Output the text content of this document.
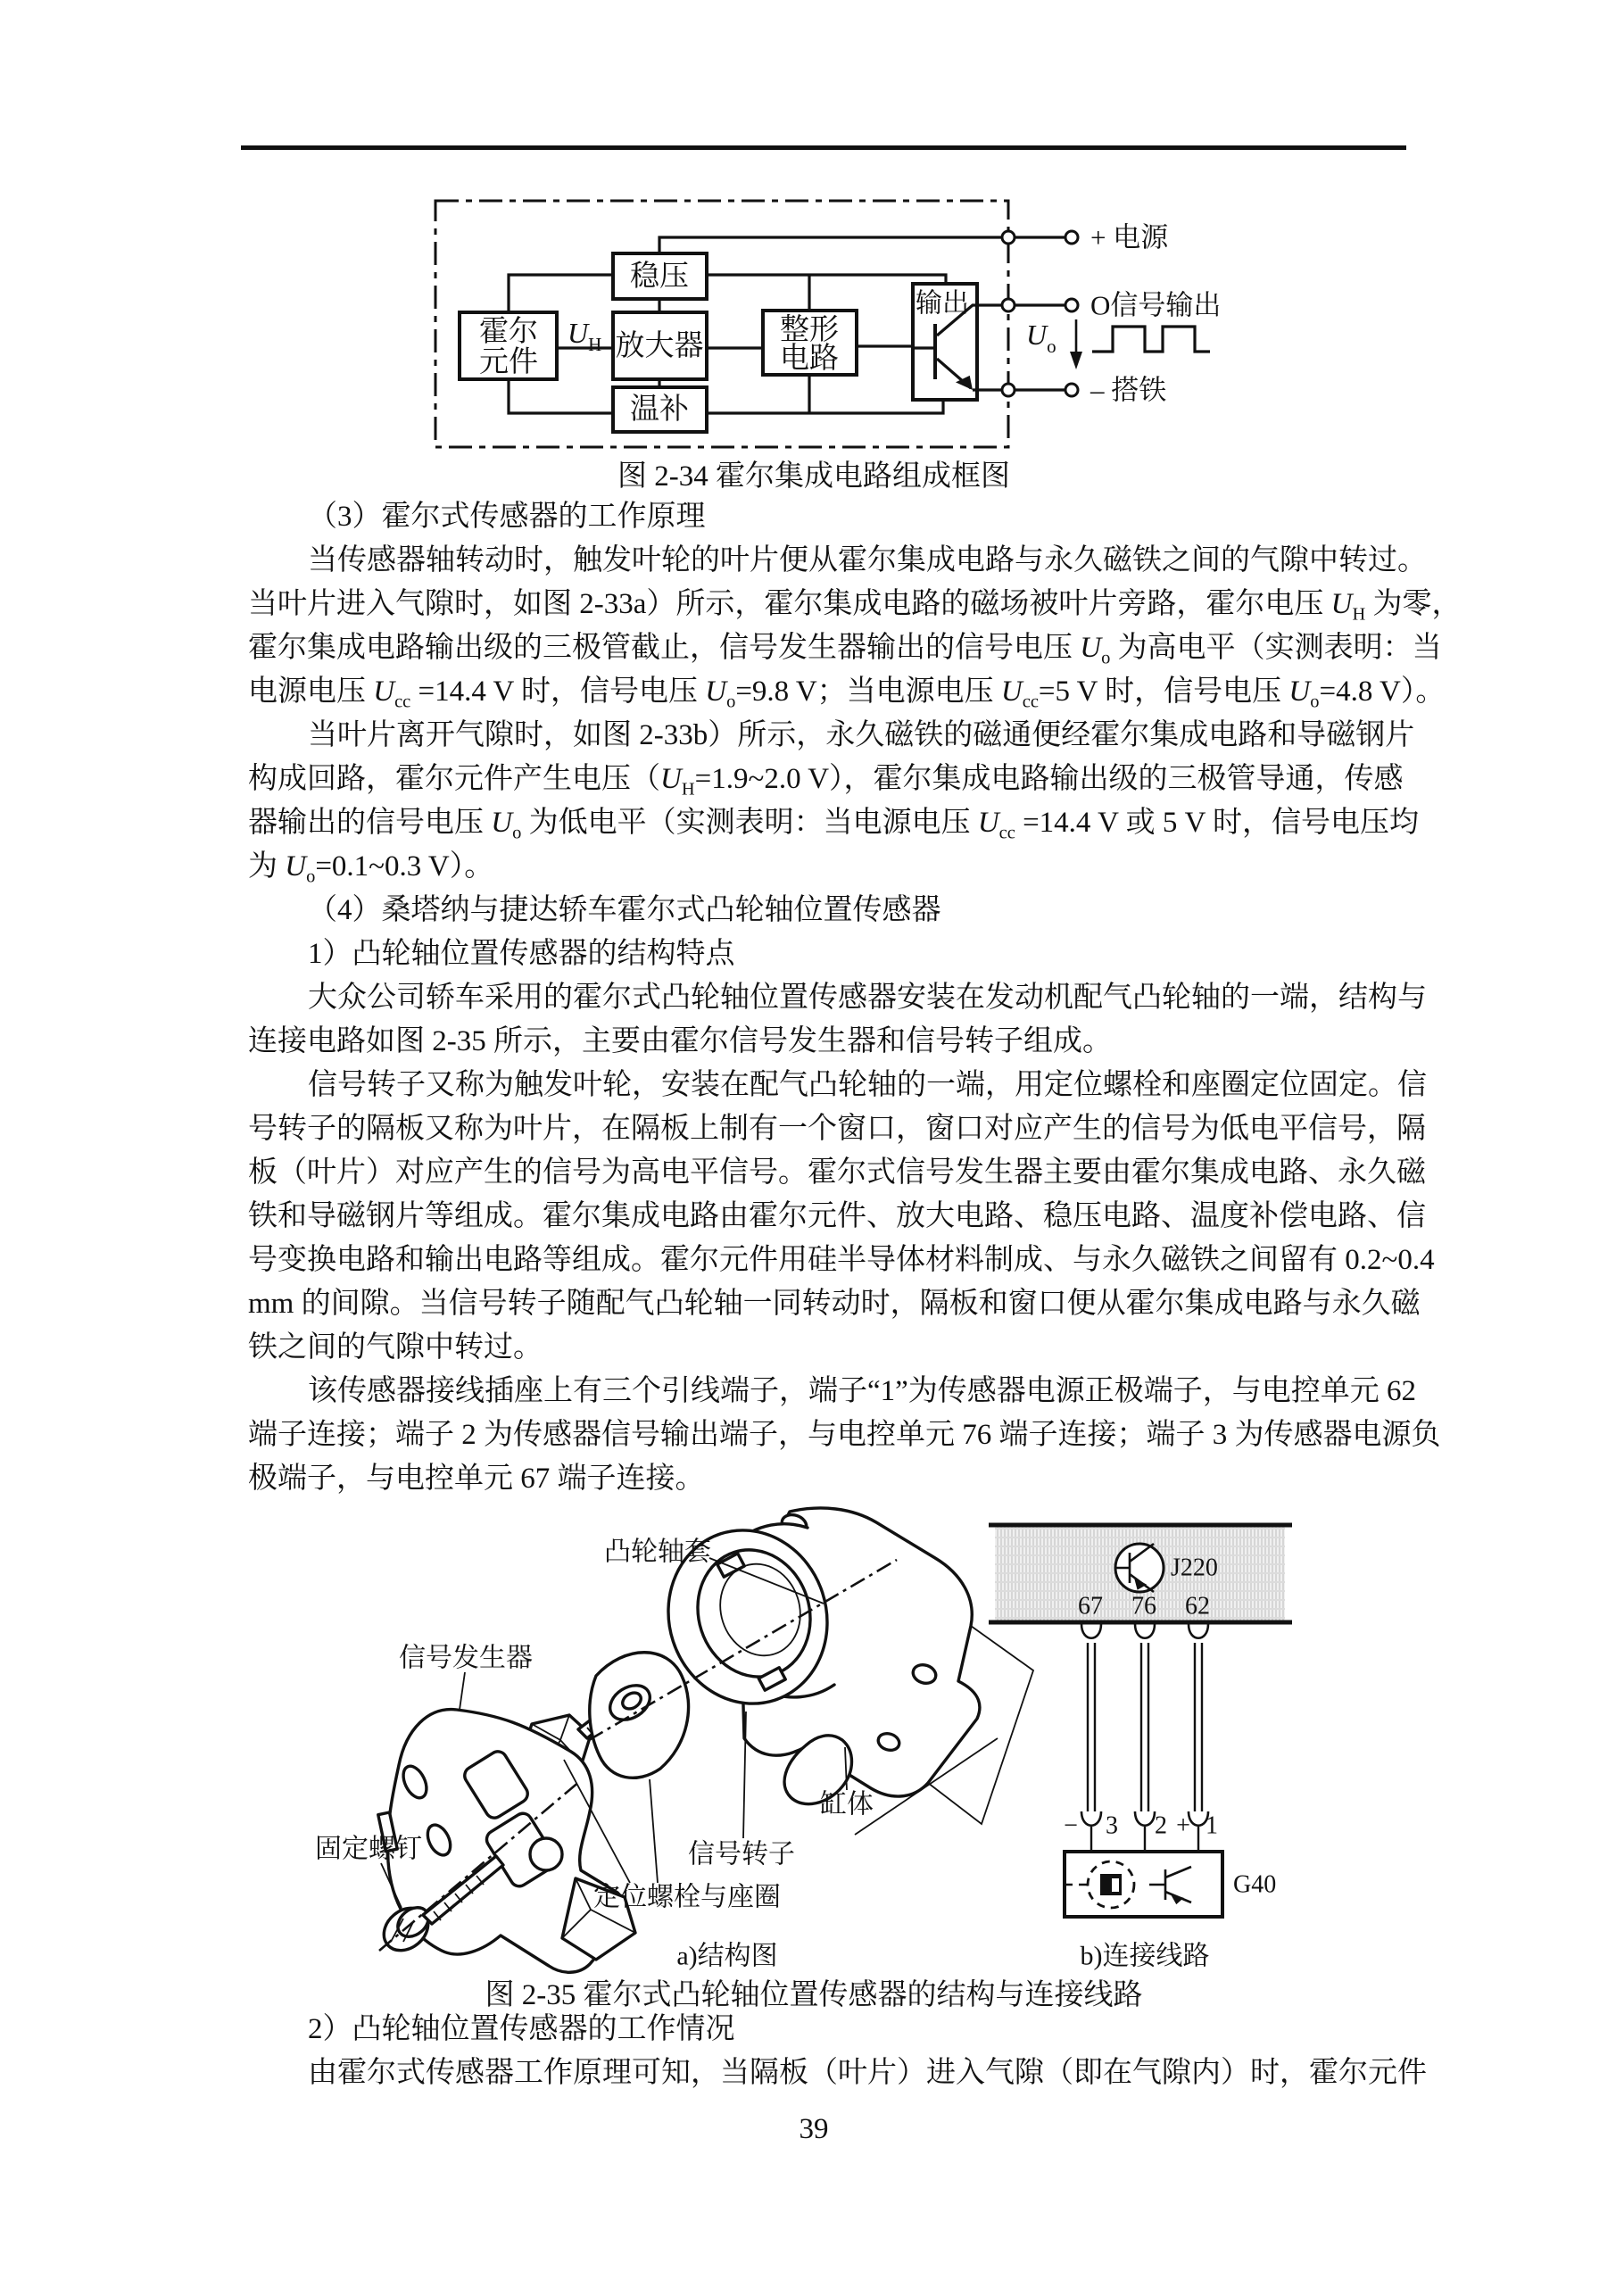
稳压
霍尔
元件	放大器
温补
整形
电路
输出
+ 电源
O信号输出
– 搭铁
$U_H$	$U_o$
图 2-34 霍尔集成电路组成框图
（3）霍尔式传感器的工作原理
当传感器轴转动时，触发叶轮的叶片便从霍尔集成电路与永久磁铁之间的气隙中转过。
当叶片进入气隙时，如图 2-33a）所示，霍尔集成电路的磁场被叶片旁路，霍尔电压 $U_H$ 为零，
霍尔集成电路输出级的三极管截止，信号发生器输出的信号电压 $U_o$ 为高电平（实测表明：当
电源电压 $U_{cc} =14.4$ V 时，信号电压 $U_o=9.8$ V；当电源电压 $U_{cc}=5$ V 时，信号电压 $U_o=4.8$ V）。
当叶片离开气隙时，如图 2-33b）所示，永久磁铁的磁通便经霍尔集成电路和导磁钢片
构成回路，霍尔元件产生电压（$U_H=1.9\sim 2.0$ V），霍尔集成电路输出级的三极管导通，传感
器输出的信号电压 $U_o$ 为低电平（实测表明：当电源电压 $U_{cc} =14.4$ V 或 5 V 时，信号电压均
为 $U_o=0.1\sim 0.3$ V）。
（4）桑塔纳与捷达轿车霍尔式凸轮轴位置传感器
1）凸轮轴位置传感器的结构特点
大众公司轿车采用的霍尔式凸轮轴位置传感器安装在发动机配气凸轮轴的一端，结构与
连接电路如图 2-35 所示，主要由霍尔信号发生器和信号转子组成。
信号转子又称为触发叶轮，安装在配气凸轮轴的一端，用定位螺栓和座圈定位固定。信
号转子的隔板又称为叶片，在隔板上制有一个窗口，窗口对应产生的信号为低电平信号，隔
板（叶片）对应产生的信号为高电平信号。霍尔式信号发生器主要由霍尔集成电路、永久磁
铁和导磁钢片等组成。霍尔集成电路由霍尔元件、放大电路、稳压电路、温度补偿电路、信
号变换电路和输出电路等组成。霍尔元件用硅半导体材料制成、与永久磁铁之间留有 0.2~0.4
mm 的间隙。当信号转子随配气凸轮轴一同转动时，隔板和窗口便从霍尔集成电路与永久磁
铁之间的气隙中转过。
该传感器接线插座上有三个引线端子，端子“1”为传感器电源正极端子，与电控单元 62
端子连接；端子 2 为传感器信号输出端子，与电控单元 76 端子连接；端子 3 为传感器电源负
极端子，与电控单元 67 端子连接。
凸轮轴套
信号发生器
固定螺钉
定位螺栓与座圈
信号转子
缸体
a)结构图
J220
67 76 62
− 3 2 + 1
G40
b)连接线路
图 2-35 霍尔式凸轮轴位置传感器的结构与连接线路
2）凸轮轴位置传感器的工作情况
由霍尔式传感器工作原理可知，当隔板（叶片）进入气隙（即在气隙内）时，霍尔元件
39
